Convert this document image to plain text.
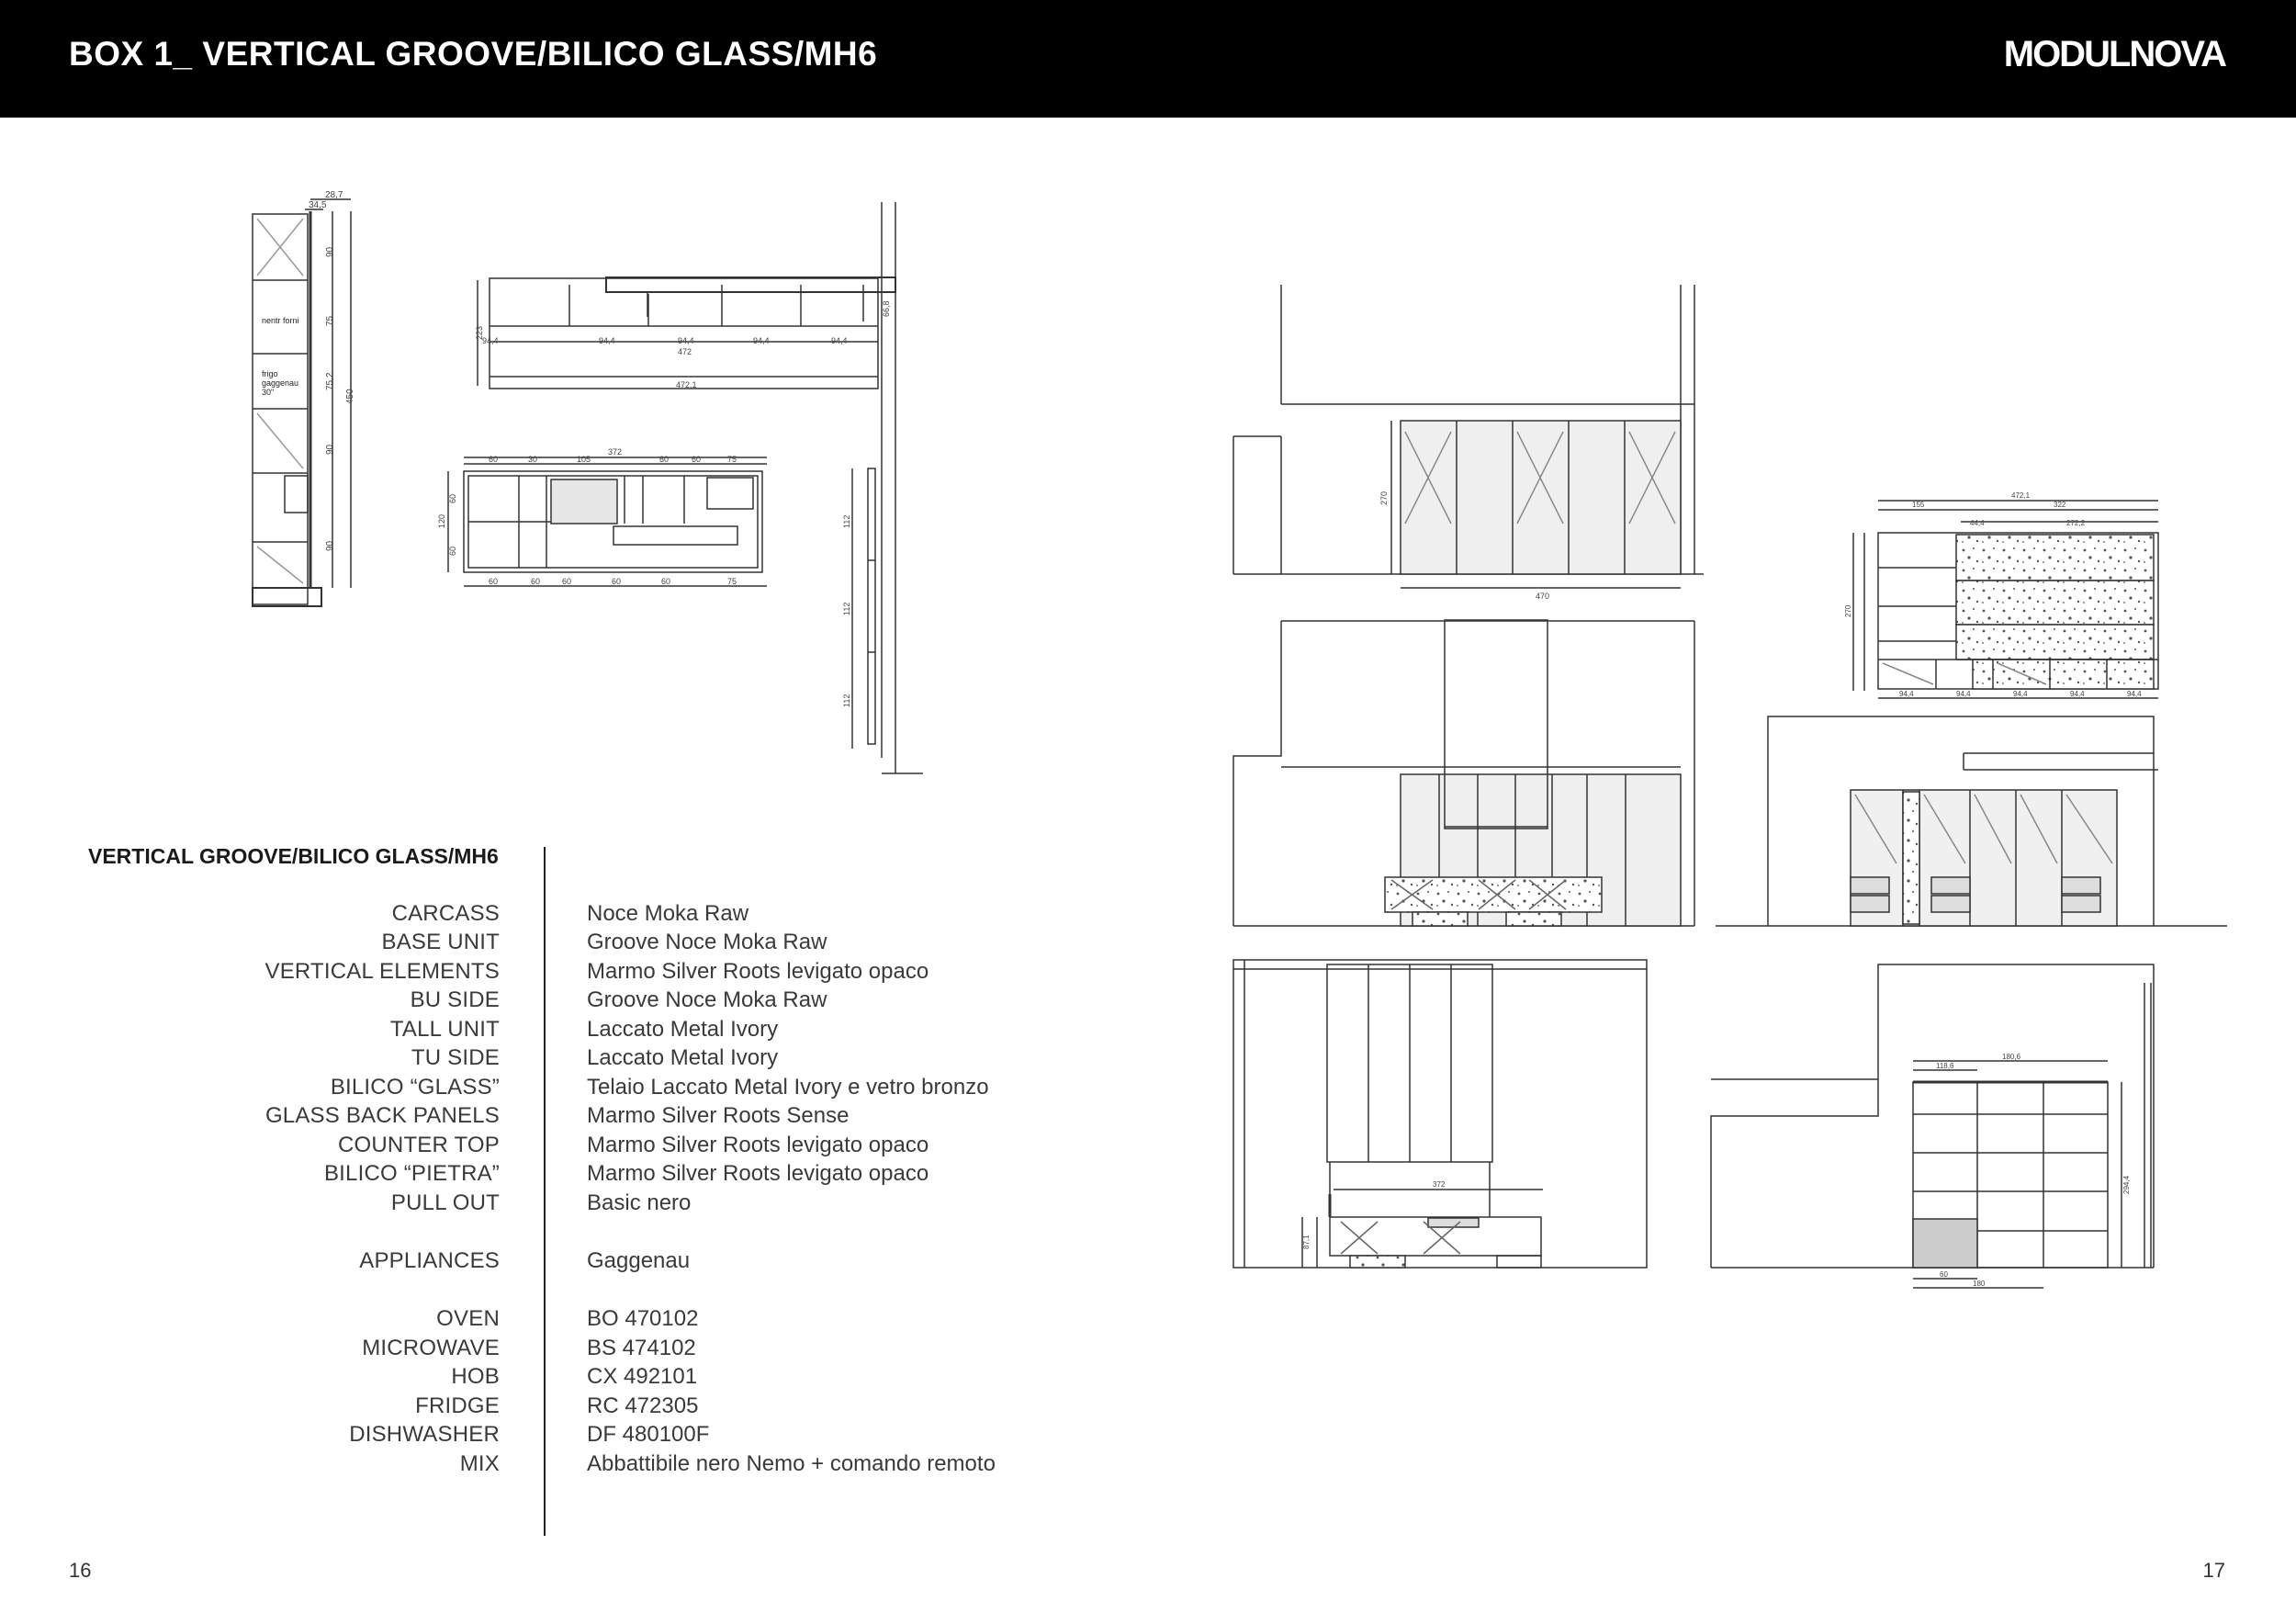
BOX 1_ VERTICAL GROOVE/BILICO GLASS/MH6	MODULNOVA
28,7
34,5
90
75
75,2
90
90
450
nentr forni
frigo
gaggenau
30"
94,4	94,4	94,4	94,4	94,4
472
472,1
66,8
223
372
60	30	105	60	60	75
60	60	60	60	60	75
60
120
60
112
112
112
270
470
472,1
155	322
44,4	272,2
94,4	94,4	94,4	94,4	94,4
270
372
87,1
180,6
118,6
294,4
60
180
VERTICAL GROOVE/BILICO GLASS/MH6
CARCASS	Noce Moka Raw
BASE UNIT	Groove Noce Moka Raw
VERTICAL ELEMENTS	Marmo Silver Roots levigato opaco
BU SIDE	Groove Noce Moka Raw
TALL UNIT	Laccato Metal Ivory
TU SIDE	Laccato Metal Ivory
BILICO “GLASS”	Telaio Laccato Metal Ivory e vetro bronzo
GLASS BACK PANELS	Marmo Silver Roots Sense
COUNTER TOP	Marmo Silver Roots levigato opaco
BILICO “PIETRA”	Marmo Silver Roots levigato opaco
PULL OUT	Basic nero
APPLIANCES	Gaggenau
OVEN	BO 470102
MICROWAVE	BS 474102
HOB	CX 492101
FRIDGE	RC 472305
DISHWASHER	DF 480100F
MIX	Abbattibile nero Nemo + comando remoto
16	17
